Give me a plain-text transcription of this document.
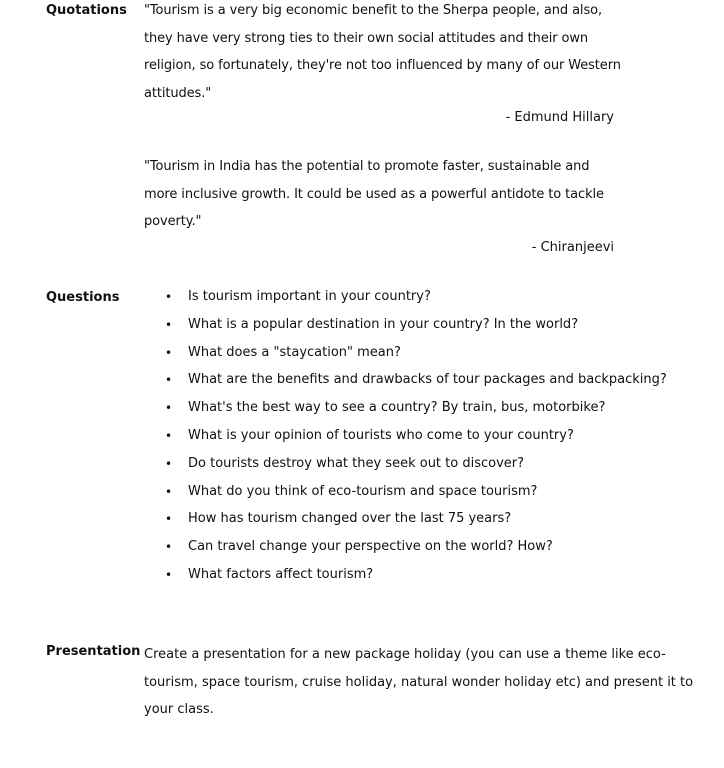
Quotations "Tourism is a very big economic benefit to the Sherpa people, and also,
they have very strong ties to their own social attitudes and their own
religion, so fortunately, they're not too influenced by many of our Western
attitudes."
- Edmund Hillary
"Tourism in India has the potential to promote faster, sustainable and
more inclusive growth. It could be used as a powerful antidote to tackle
poverty."
- Chiranjeevi
Questions	• Is tourism important in your country?
• What is a popular destination in your country? In the world?
• What does a "staycation" mean?
• What are the benefits and drawbacks of tour packages and backpacking?
• What's the best way to see a country? By train, bus, motorbike?
• What is your opinion of tourists who come to your country?
• Do tourists destroy what they seek out to discover?
• What do you think of eco-tourism and space tourism?
• How has tourism changed over the last 75 years?
• Can travel change your perspective on the world? How?
• What factors affect tourism?
Presentation Create a presentation for a new package holiday (you can use a theme like eco-
tourism, space tourism, cruise holiday, natural wonder holiday etc) and present it to
your class.
